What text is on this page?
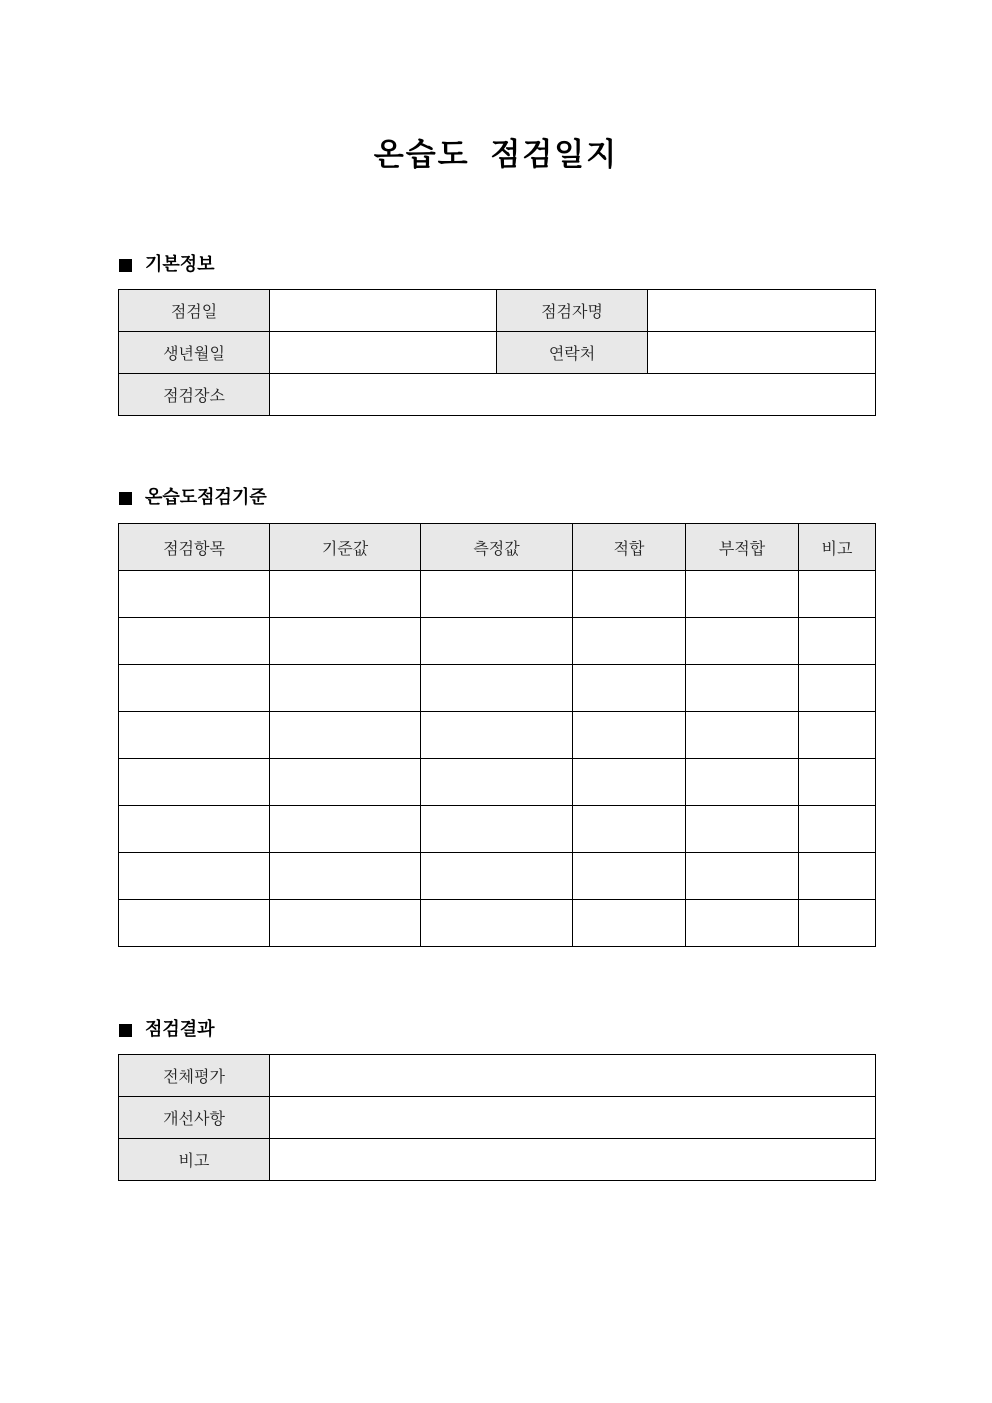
온습도 점검일지
기본정보
점검일		점검자명	
생년월일		연락처	
점검장소			
온습도점검기준
점검항목	기준값	측정값	적합	부적합	비고

점검결과
전체평가	
개선사항	
비고	
